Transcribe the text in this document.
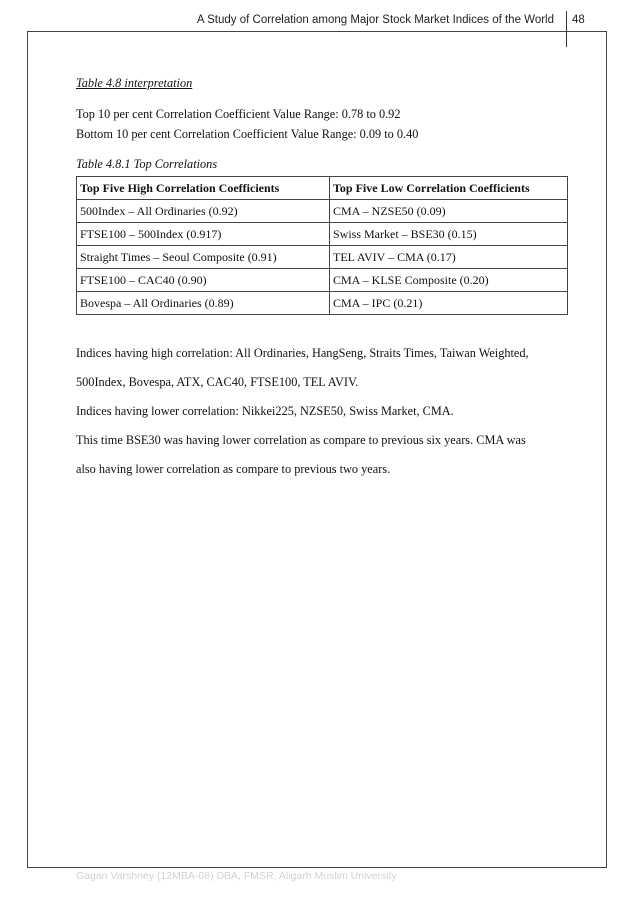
A Study of Correlation among Major Stock Market Indices of the World 48

Table 4.8 interpretation

Top 10 per cent Correlation Coefficient Value Range: 0.78 to 0.92

Bottom 10 per cent Correlation Coefficient Value Range: 0.09 to 0.40

Table 4.8.1 Top Correlations

Top Five High Correlation Coefficients	Top Five Low Correlation Coefficients
500Index – All Ordinaries (0.92)	CMA – NZSE50 (0.09)
FTSE100 – 500Index (0.917)	Swiss Market – BSE30 (0.15)
Straight Times – Seoul Composite (0.91)	TEL AVIV – CMA (0.17)
FTSE100 – CAC40 (0.90)	CMA – KLSE Composite (0.20)
Bovespa – All Ordinaries (0.89)	CMA – IPC (0.21)

Indices having high correlation: All Ordinaries, HangSeng, Straits Times, Taiwan Weighted,

500Index, Bovespa, ATX, CAC40, FTSE100, TEL AVIV.

Indices having lower correlation: Nikkei225, NZSE50, Swiss Market, CMA.

This time BSE30 was having lower correlation as compare to previous six years. CMA was

also having lower correlation as compare to previous two years.

Gagan Varshney (12MBA-08) DBA, FMSR, Aligarh Muslim University
